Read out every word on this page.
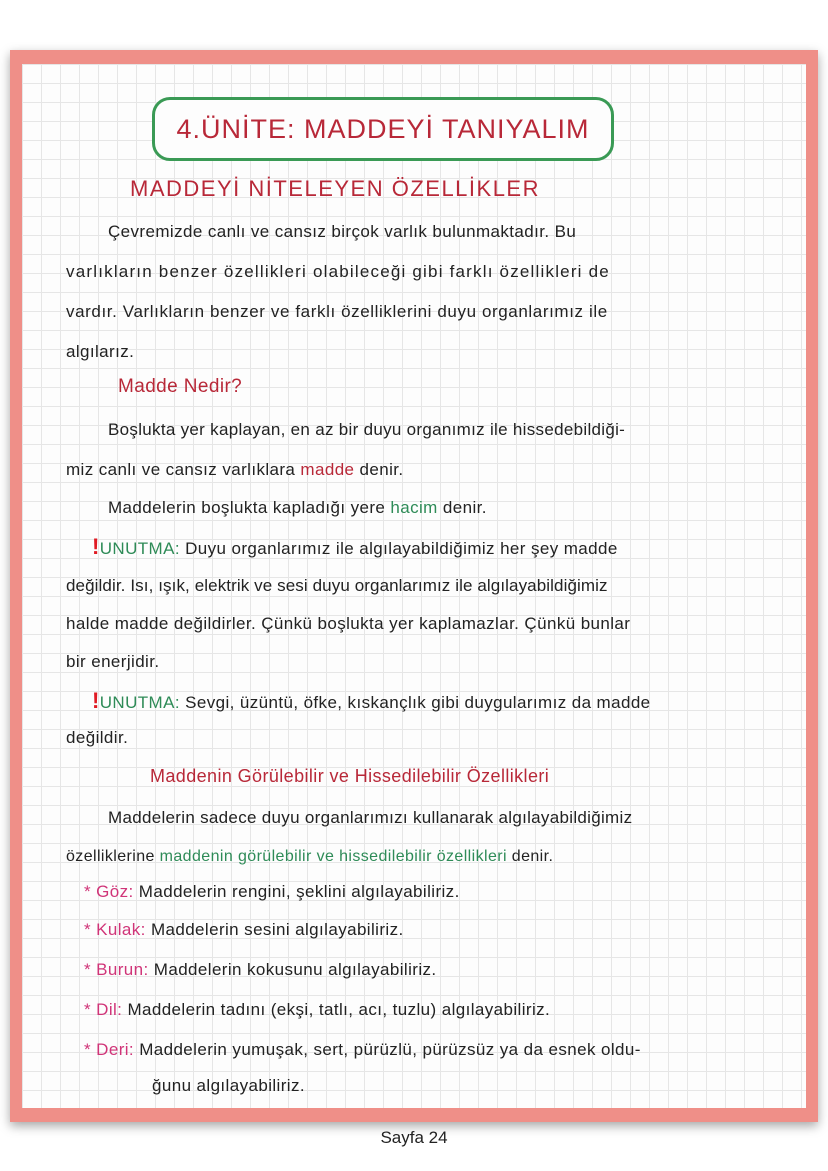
4.ÜNİTE: MADDEYİ TANIYALIM
MADDEYİ NİTELEYEN ÖZELLİKLER
Çevremizde canlı ve cansız birçok varlık bulunmaktadır. Bu
varlıkların benzer özellikleri olabileceği gibi farklı özellikleri de
vardır. Varlıkların benzer ve farklı özelliklerini duyu organlarımız ile
algılarız.
Madde Nedir?
Boşlukta yer kaplayan, en az bir duyu organımız ile hissedebildiği-
miz canlı ve cansız varlıklara madde denir.
Maddelerin boşlukta kapladığı yere hacim denir.
!UNUTMA: Duyu organlarımız ile algılayabildiğimiz her şey madde
değildir. Isı, ışık, elektrik ve sesi duyu organlarımız ile algılayabildiğimiz
halde madde değildirler. Çünkü boşlukta yer kaplamazlar. Çünkü bunlar
bir enerjidir.
!UNUTMA: Sevgi, üzüntü, öfke, kıskançlık gibi duygularımız da madde
değildir.
Maddenin Görülebilir ve Hissedilebilir Özellikleri
Maddelerin sadece duyu organlarımızı kullanarak algılayabildiğimiz
özelliklerine maddenin görülebilir ve hissedilebilir özellikleri denir.
* Göz: Maddelerin rengini, şeklini algılayabiliriz.
* Kulak: Maddelerin sesini algılayabiliriz.
* Burun: Maddelerin kokusunu algılayabiliriz.
* Dil: Maddelerin tadını (ekşi, tatlı, acı, tuzlu) algılayabiliriz.
* Deri: Maddelerin yumuşak, sert, pürüzlü, pürüzsüz ya da esnek oldu-
ğunu algılayabiliriz.
Sayfa 24
